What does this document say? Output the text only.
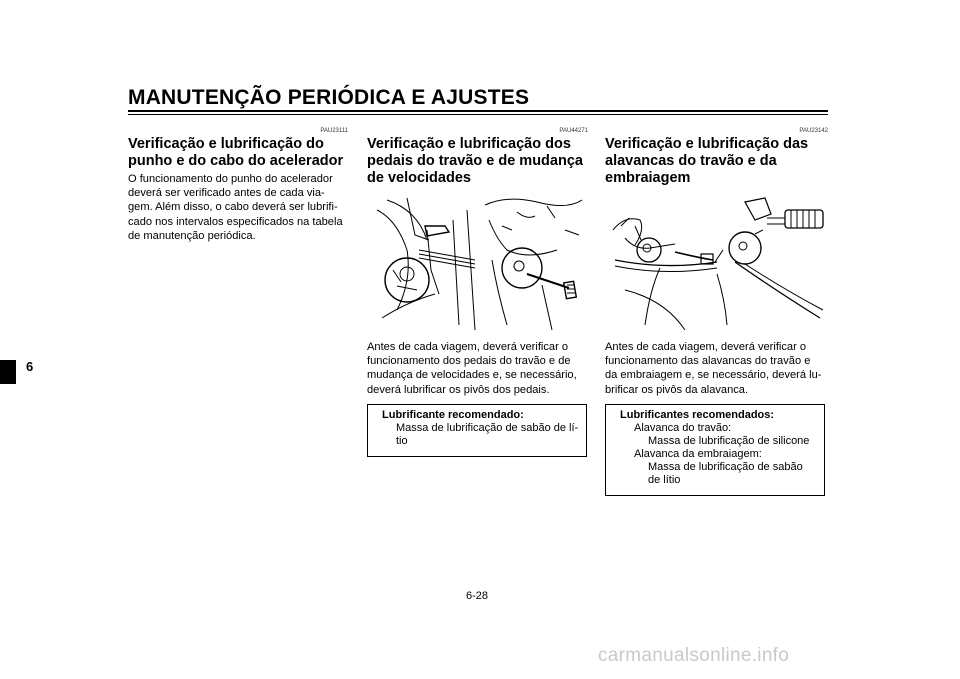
MANUTENÇÃO PERIÓDICA E AJUSTES
6
PAU23111
Verificação e lubrificação do
punho e do cabo do acelerador
O funcionamento do punho do acelerador
deverá ser verificado antes de cada via-
gem. Além disso, o cabo deverá ser lubrifi-
cado nos intervalos especificados na tabela
de manutenção periódica.
PAU44271
Verificação e lubrificação dos
pedais do travão e de mudança
de velocidades
Antes de cada viagem, deverá verificar o
funcionamento dos pedais do travão e de
mudança de velocidades e, se necessário,
deverá lubrificar os pivôs dos pedais.
Lubrificante recomendado:
Massa de lubrificação de sabão de lí-
tio
PAU23142
Verificação e lubrificação das
alavancas do travão e da
embraiagem
Antes de cada viagem, deverá verificar o
funcionamento das alavancas do travão e
da embraiagem e, se necessário, deverá lu-
brificar os pivôs da alavanca.
Lubrificantes recomendados:
Alavanca do travão:
Massa de lubrificação de silicone
Alavanca da embraiagem:
Massa de lubrificação de sabão
de lítio
6-28
carmanualsonline.info
